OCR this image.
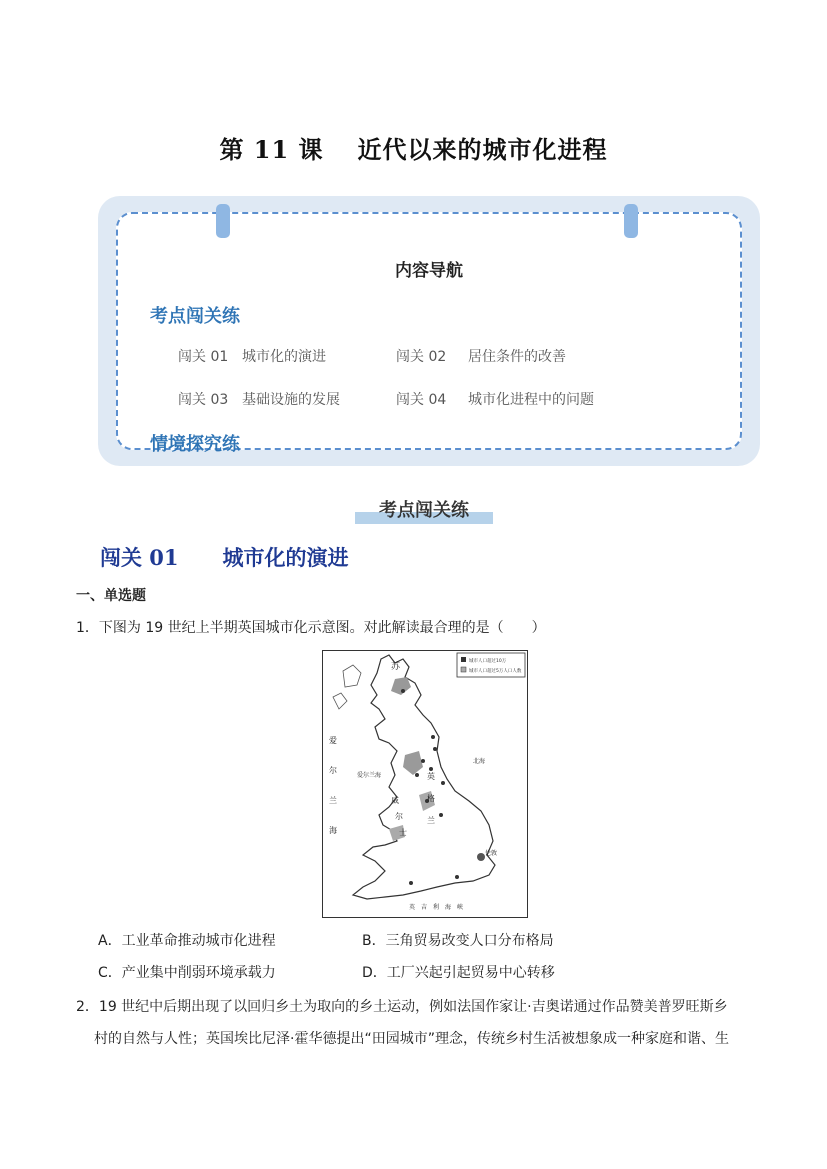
第 11 课 近代以来的城市化进程
内容导航
考点闯关练
闯关 01 城市化的演进	闯关 02 居住条件的改善
闯关 03 基础设施的发展	闯关 04 城市化进程中的问题
情境探究练
考点闯关练
闯关 01 城市化的演进
一、单选题
1．下图为 19 世纪上半期英国城市化示意图。对此解读最合理的是（　　）
城市人口超过10万
城市人口超过5万人口人数
苏
爱
尔
兰
海
爱尔兰海	英
格
兰
威
尔
士
北海
伦敦
英 吉 利 海 峡
A．工业革命推动城市化进程	B．三角贸易改变人口分布格局
C．产业集中削弱环境承载力	D．工厂兴起引起贸易中心转移
2．19 世纪中后期出现了以回归乡土为取向的乡土运动，例如法国作家让·吉奥诺通过作品赞美普罗旺斯乡
村的自然与人性；英国埃比尼泽·霍华德提出“田园城市”理念，传统乡村生活被想象成一种家庭和谐、生
